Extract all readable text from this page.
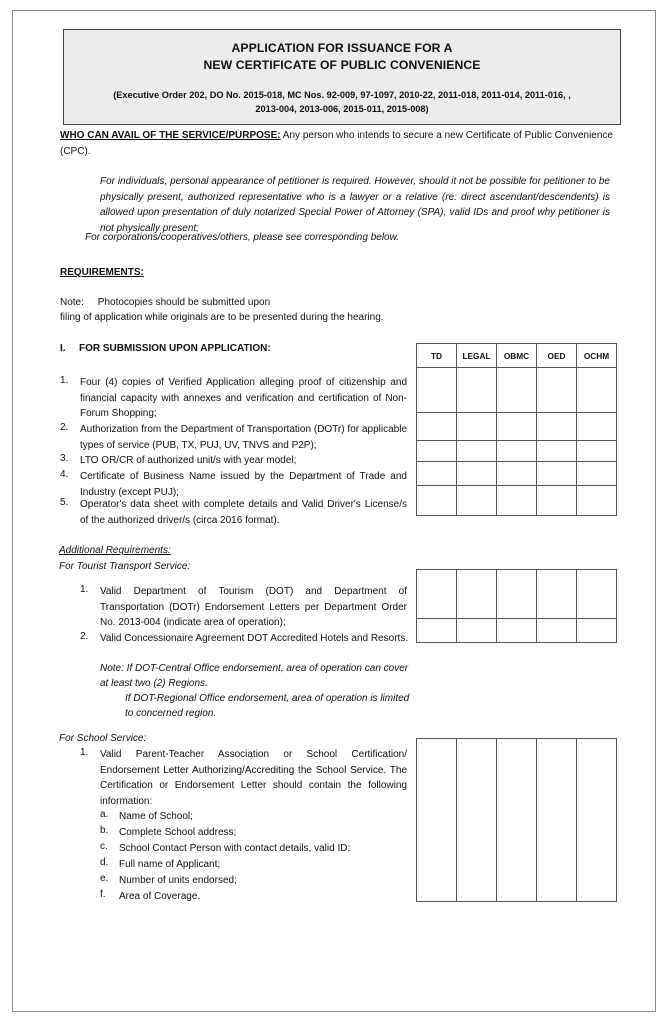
APPLICATION FOR ISSUANCE FOR A
NEW CERTIFICATE OF PUBLIC CONVENIENCE
(Executive Order 202, DO No. 2015-018, MC Nos. 92-009, 97-1097, 2010-22, 2011-018, 2011-014, 2011-016, ,
2013-004, 2013-006, 2015-011, 2015-008)
WHO CAN AVAIL OF THE SERVICE/PURPOSE: Any person who intends to secure a new Certificate of Public Convenience
(CPC).
For individuals, personal appearance of petitioner is required. However, should it not be possible for petitioner to be physically present, authorized representative who is a lawyer or a relative (re: direct ascendant/descendents) is allowed upon presentation of duly notarized Special Power of Attorney (SPA), valid IDs and proof why petitioner is not physically present;
For corporations/cooperatives/others, please see corresponding below.
REQUIREMENTS:
Note:     Photocopies should be submitted upon
filing of application while originals are to be presented during the hearing.
I. FOR SUBMISSION UPON APPLICATION:
TD	LEGAL	OBMC	OED	OCHM

1. Four (4) copies of Verified Application alleging proof of citizenship and financial capacity with annexes and verification and certification of Non-Forum Shopping;
2. Authorization from the Department of Transportation (DOTr) for applicable types of service (PUB, TX, PUJ, UV, TNVS and P2P);
3. LTO OR/CR of authorized unit/s with year model;
4. Certificate of Business Name issued by the Department of Trade and Industry (except PUJ);
5. Operator's data sheet with complete details and Valid Driver's License/s of the authorized driver/s (circa 2016 format).
Additional Requirements:
For Tourist Transport Service:

1. Valid Department of Tourism (DOT) and Department of Transportation (DOTr) Endorsement Letters per Department Order No. 2013-004 (indicate area of operation);
2. Valid Concessionaire Agreement DOT Accredited Hotels and Resorts.
Note: If DOT-Central Office endorsement, area of operation can cover
at least two (2) Regions.
If DOT-Regional Office endorsement, area of operation is limited
to concerned region.
For School Service:

1. Valid Parent-Teacher Association or School Certification/ Endorsement Letter Authorizing/Accrediting the School Service. The Certification or Endorsement Letter should contain the following information:
a. Name of School;
b. Complete School address;
c. School Contact Person with contact details, valid ID;
d. Full name of Applicant;
e. Number of units endorsed;
f. Area of Coverage.
